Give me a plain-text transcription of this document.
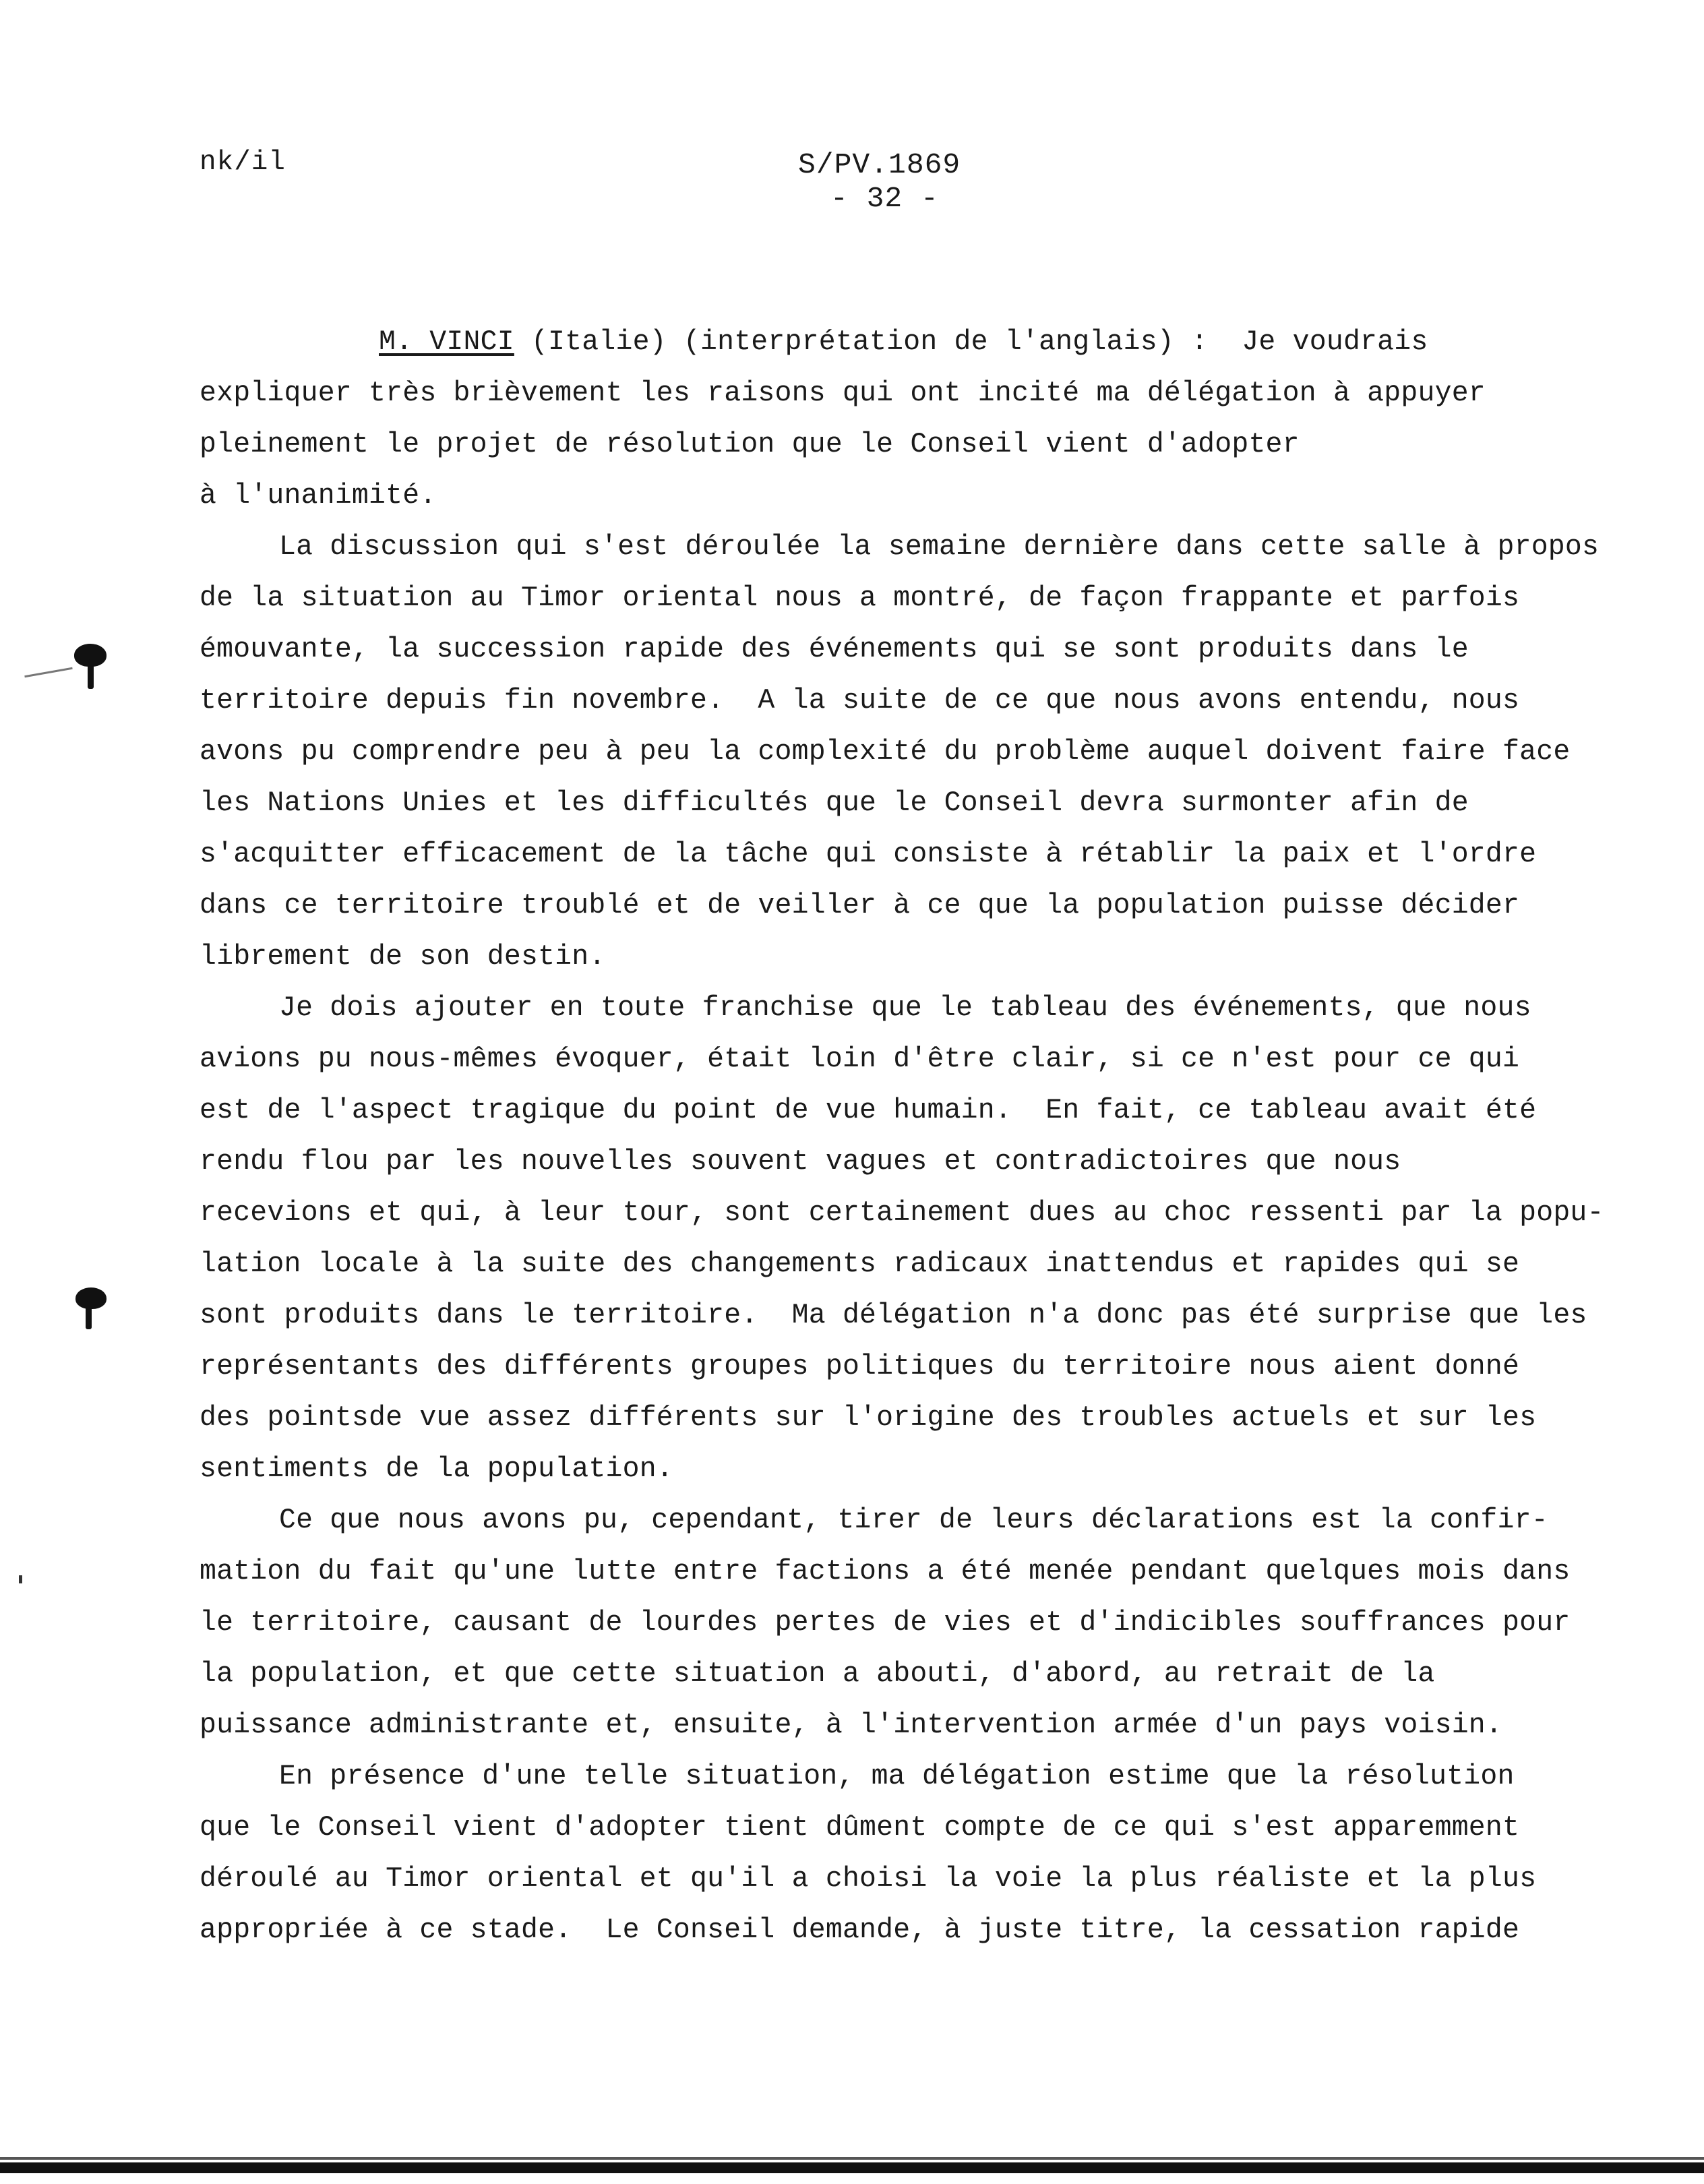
nk/il	S/PV.1869
- 32 -
M. VINCI (Italie) (interprétation de l'anglais) :  Je voudrais
expliquer très brièvement les raisons qui ont incité ma délégation à appuyer
pleinement le projet de résolution que le Conseil vient d'adopter
à l'unanimité.
La discussion qui s'est déroulée la semaine dernière dans cette salle à propos
de la situation au Timor oriental nous a montré, de façon frappante et parfois
émouvante, la succession rapide des événements qui se sont produits dans le
territoire depuis fin novembre.  A la suite de ce que nous avons entendu, nous
avons pu comprendre peu à peu la complexité du problème auquel doivent faire face
les Nations Unies et les difficultés que le Conseil devra surmonter afin de
s'acquitter efficacement de la tâche qui consiste à rétablir la paix et l'ordre
dans ce territoire troublé et de veiller à ce que la population puisse décider
librement de son destin.
Je dois ajouter en toute franchise que le tableau des événements, que nous
avions pu nous-mêmes évoquer, était loin d'être clair, si ce n'est pour ce qui
est de l'aspect tragique du point de vue humain.  En fait, ce tableau avait été
rendu flou par les nouvelles souvent vagues et contradictoires que nous
recevions et qui, à leur tour, sont certainement dues au choc ressenti par la popu-
lation locale à la suite des changements radicaux inattendus et rapides qui se
sont produits dans le territoire.  Ma délégation n'a donc pas été surprise que les
représentants des différents groupes politiques du territoire nous aient donné
des pointsde vue assez différents sur l'origine des troubles actuels et sur les
sentiments de la population.
Ce que nous avons pu, cependant, tirer de leurs déclarations est la confir-
mation du fait qu'une lutte entre factions a été menée pendant quelques mois dans
le territoire, causant de lourdes pertes de vies et d'indicibles souffrances pour
la population, et que cette situation a abouti, d'abord, au retrait de la
puissance administrante et, ensuite, à l'intervention armée d'un pays voisin.
En présence d'une telle situation, ma délégation estime que la résolution
que le Conseil vient d'adopter tient dûment compte de ce qui s'est apparemment
déroulé au Timor oriental et qu'il a choisi la voie la plus réaliste et la plus
appropriée à ce stade.  Le Conseil demande, à juste titre, la cessation rapide
